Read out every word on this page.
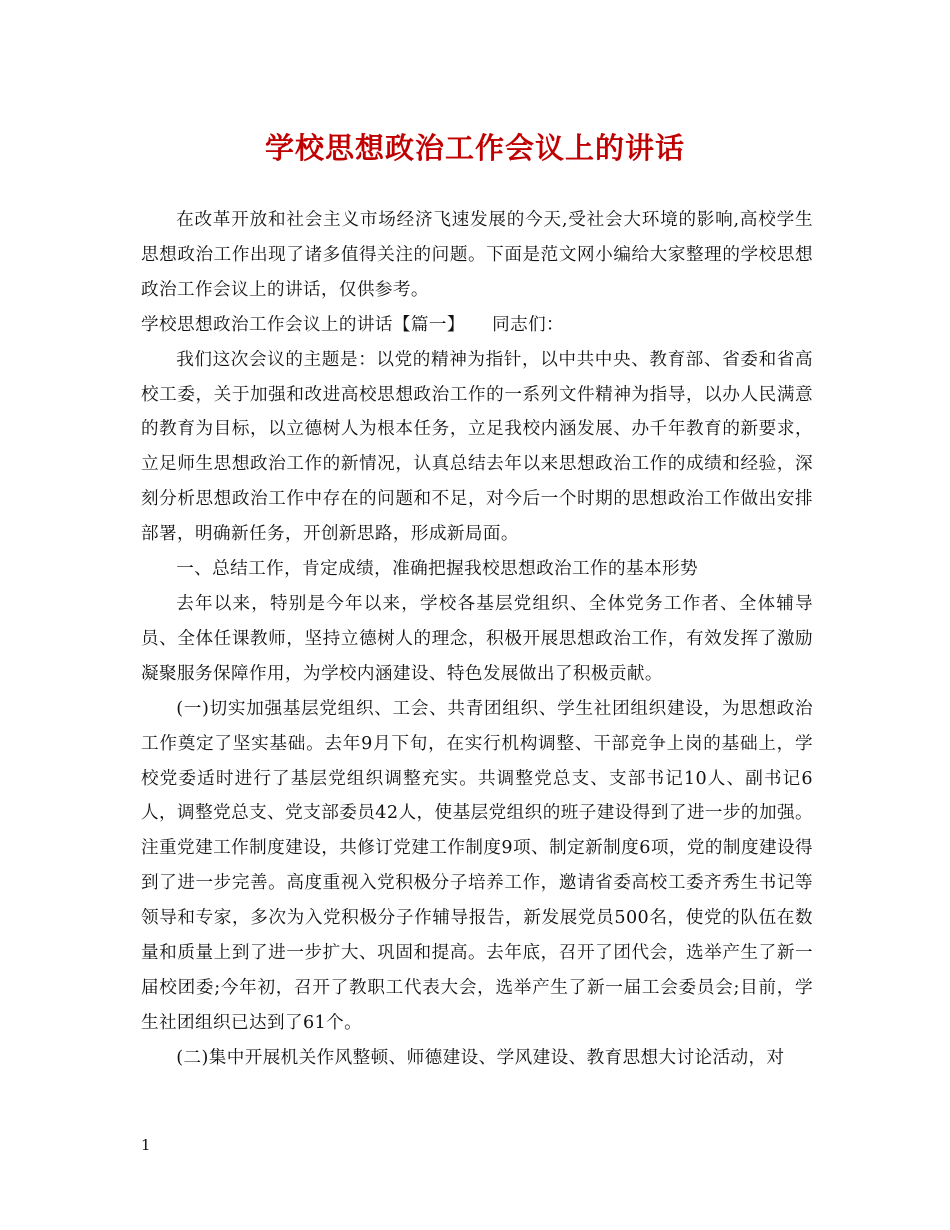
学校思想政治工作会议上的讲话

在改革开放和社会主义市场经济飞速发展的今天,受社会大环境的影响,高校学生思想政治工作出现了诸多值得关注的问题。下面是范文网小编给大家整理的学校思想政治工作会议上的讲话，仅供参考。

学校思想政治工作会议上的讲话【篇一】　　同志们：

我们这次会议的主题是：以党的精神为指针，以中共中央、教育部、省委和省高校工委，关于加强和改进高校思想政治工作的一系列文件精神为指导，以办人民满意的教育为目标，以立德树人为根本任务，立足我校内涵发展、办千年教育的新要求，立足师生思想政治工作的新情况，认真总结去年以来思想政治工作的成绩和经验，深刻分析思想政治工作中存在的问题和不足，对今后一个时期的思想政治工作做出安排部署，明确新任务，开创新思路，形成新局面。

一、总结工作，肯定成绩，准确把握我校思想政治工作的基本形势

去年以来，特别是今年以来，学校各基层党组织、全体党务工作者、全体辅导员、全体任课教师，坚持立德树人的理念，积极开展思想政治工作，有效发挥了激励凝聚服务保障作用，为学校内涵建设、特色发展做出了积极贡献。

(一)切实加强基层党组织、工会、共青团组织、学生社团组织建设，为思想政治工作奠定了坚实基础。去年9月下旬，在实行机构调整、干部竞争上岗的基础上，学校党委适时进行了基层党组织调整充实。共调整党总支、支部书记10人、副书记6人，调整党总支、党支部委员42人，使基层党组织的班子建设得到了进一步的加强。注重党建工作制度建设，共修订党建工作制度9项、制定新制度6项，党的制度建设得到了进一步完善。高度重视入党积极分子培养工作，邀请省委高校工委齐秀生书记等领导和专家，多次为入党积极分子作辅导报告，新发展党员500名，使党的队伍在数量和质量上到了进一步扩大、巩固和提高。去年底，召开了团代会，选举产生了新一届校团委;今年初，召开了教职工代表大会，选举产生了新一届工会委员会;目前，学生社团组织已达到了61个。

(二)集中开展机关作风整顿、师德建设、学风建设、教育思想大讨论活动，对

1
